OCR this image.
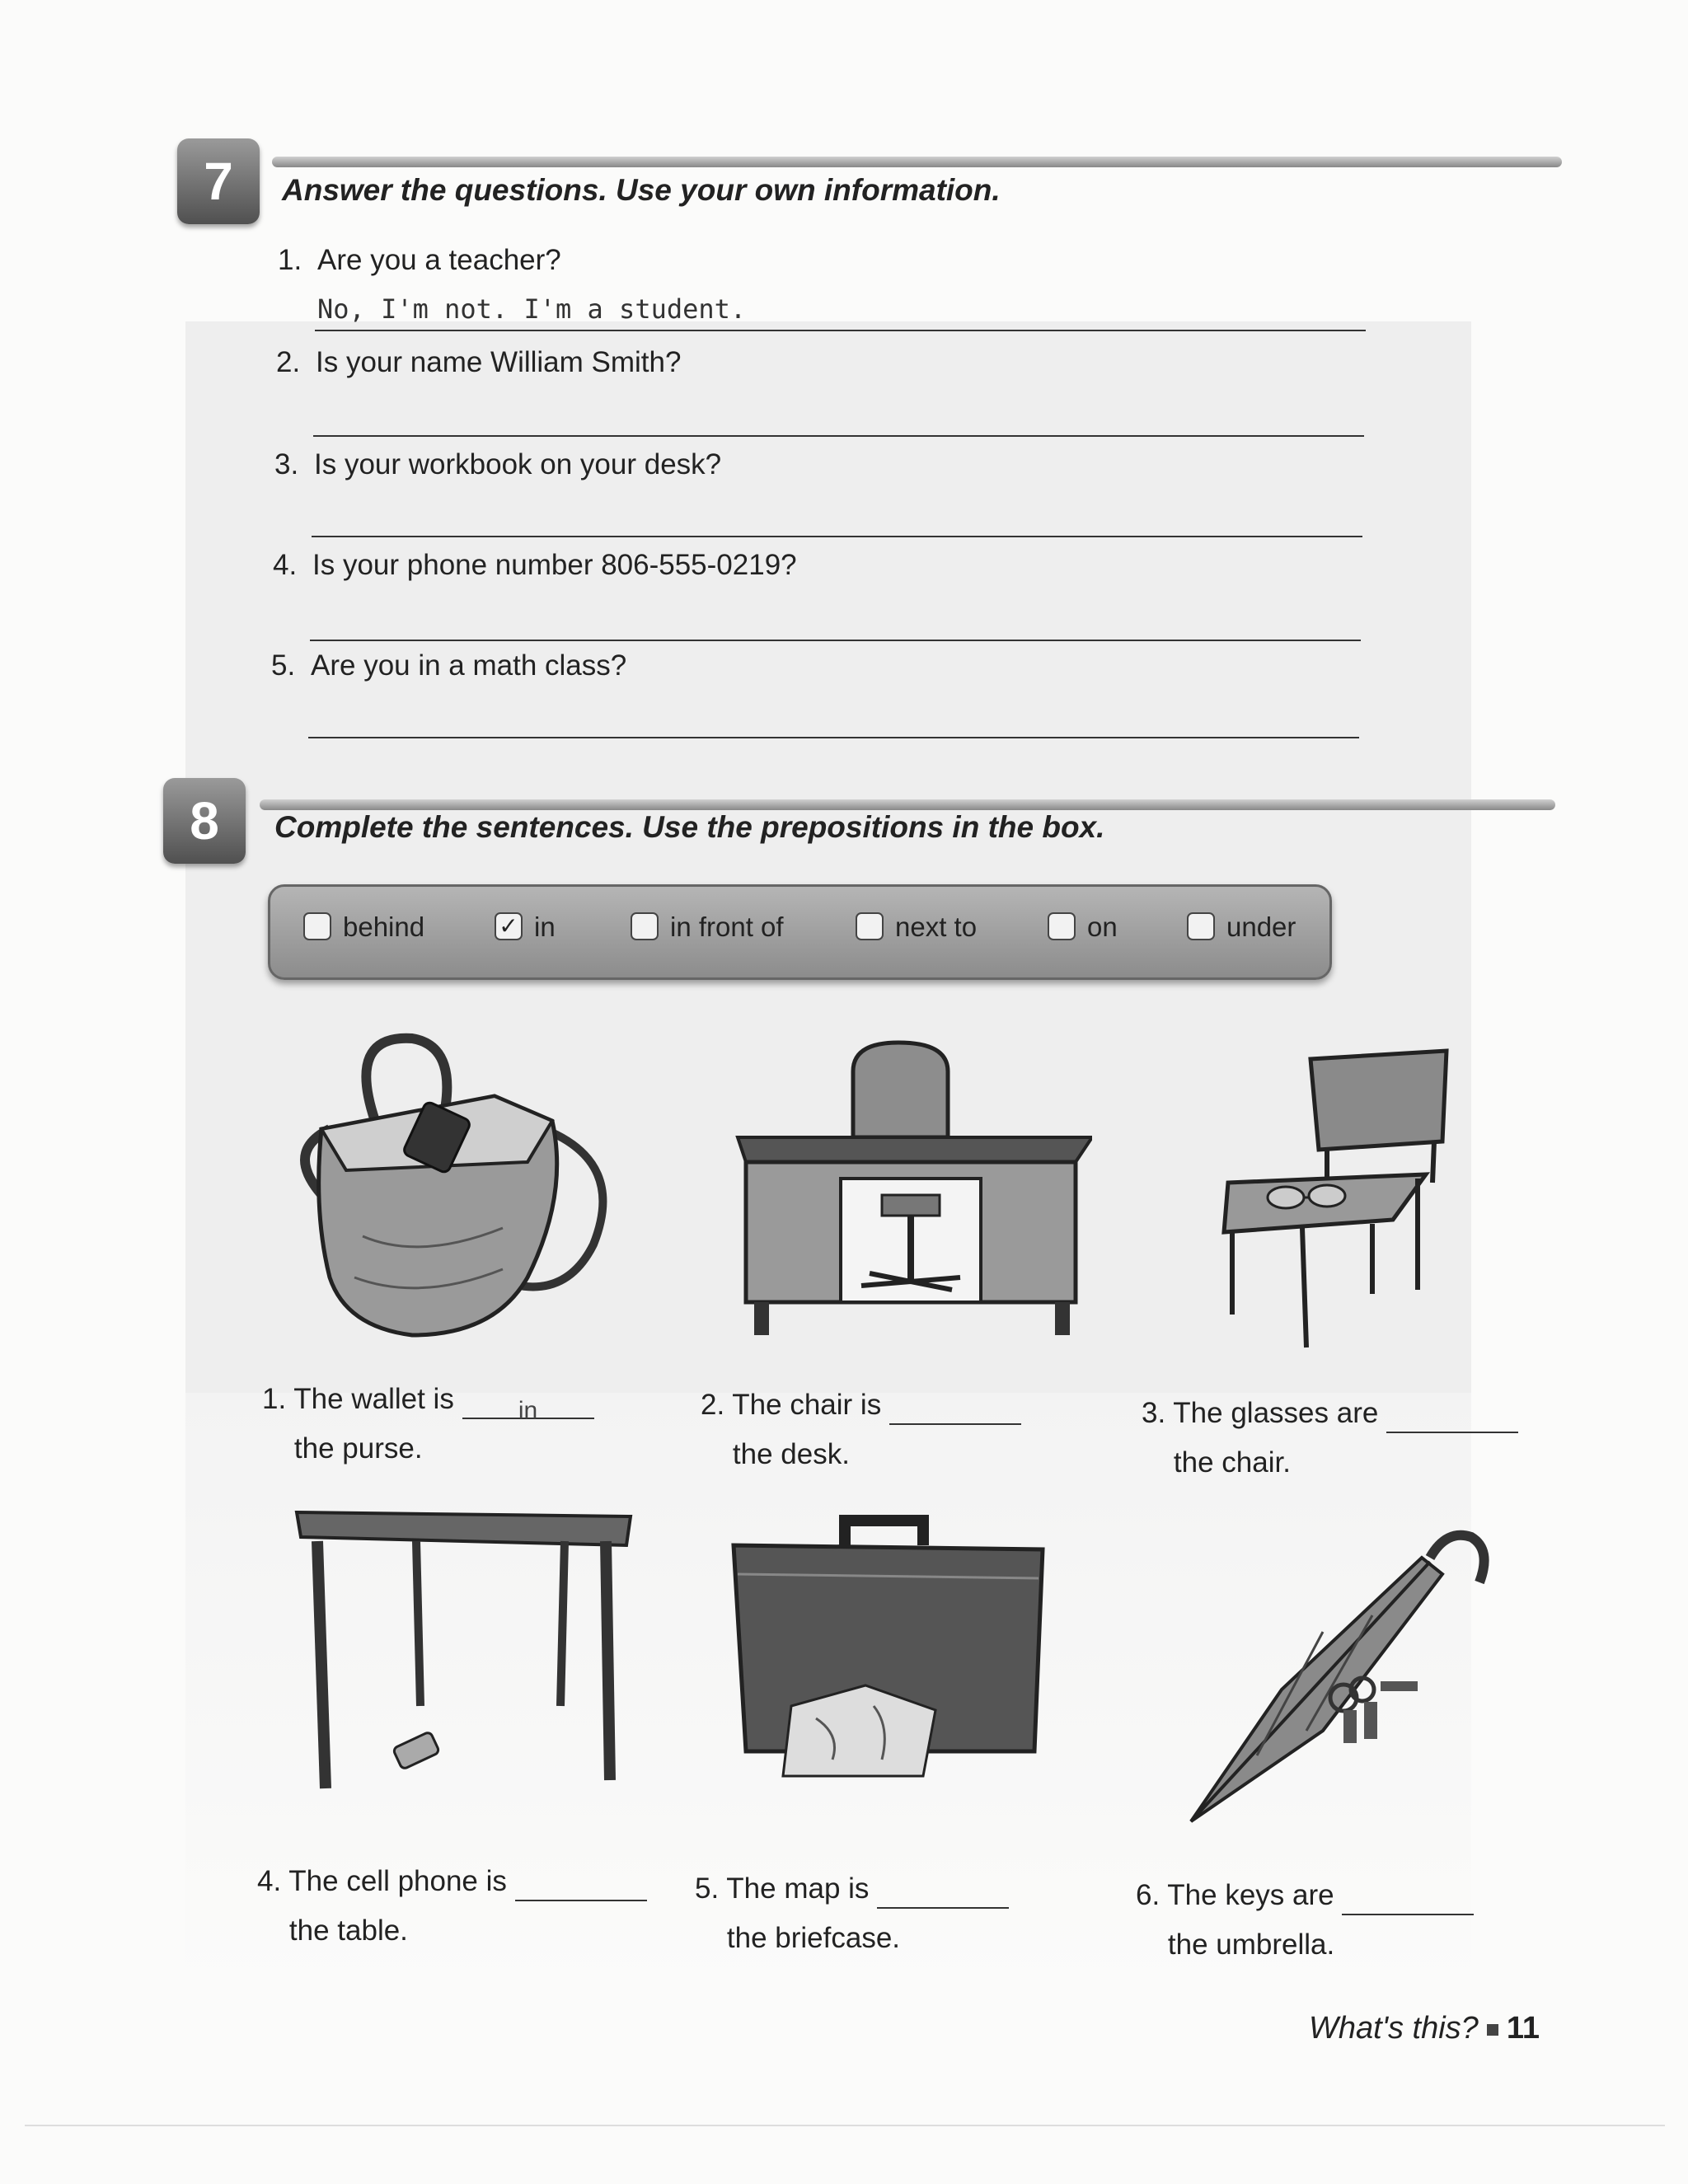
7	Answer the questions. Use your own information.
1. Are you a teacher?
No, I'm not. I'm a student.
2. Is your name William Smith?
3. Is your workbook on your desk?
4. Is your phone number 806-555-0219?
5. Are you in a math class?
8	Complete the sentences. Use the prepositions in the box.
behind	✓ in	in front of	next to	on	under
1. The wallet is	in
the purse.
2. The chair is
the desk.
3. The glasses are
the chair.
4. The cell phone is
the table.
5. The map is
the briefcase.
6. The keys are
the umbrella.
What's this? 11
